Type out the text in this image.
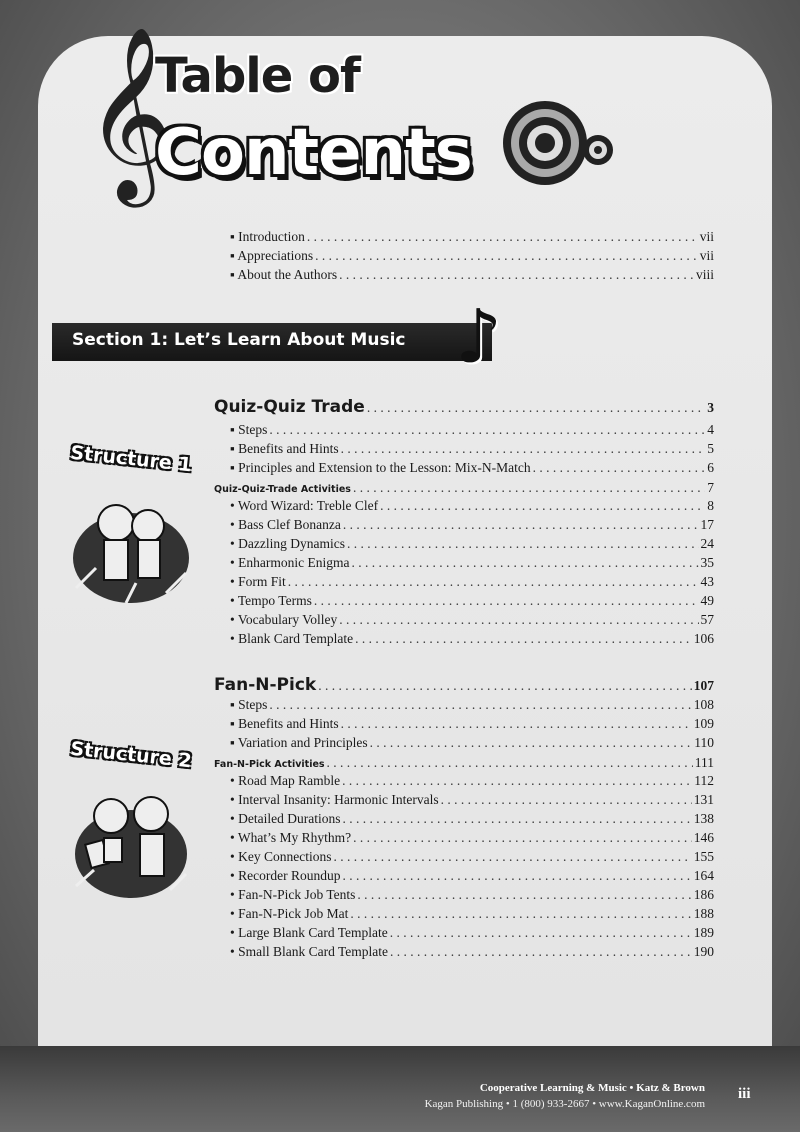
𝄞
Table of
Contents
▪ Introduction . . .	vii
▪ Appreciations . . .	vii
▪ About the Authors . . .	viii
Section 1: Let’s Learn About Music ♪
Structure 1
Quiz-Quiz Trade . . .	3
▪ Steps . . .	4
▪ Benefits and Hints . . .	5
▪ Principles and Extension to the Lesson: Mix-N-Match . . .	6
Quiz-Quiz-Trade Activities . . .	7
• Word Wizard: Treble Clef . . .	8
• Bass Clef Bonanza . . .	17
• Dazzling Dynamics . . .	24
• Enharmonic Enigma . . .	35
• Form Fit . . .	43
• Tempo Terms . . .	49
• Vocabulary Volley . . .	57
• Blank Card Template . . .	106
Structure 2
Fan-N-Pick . . .	107
▪ Steps . . .	108
▪ Benefits and Hints . . .	109
▪ Variation and Principles . . .	110
Fan-N-Pick Activities . . .	111
• Road Map Ramble . . .	112
• Interval Insanity: Harmonic Intervals . . .	131
• Detailed Durations . . .	138
• What’s My Rhythm? . . .	146
• Key Connections . . .	155
• Recorder Roundup . . .	164
• Fan-N-Pick Job Tents . . .	186
• Fan-N-Pick Job Mat . . .	188
• Large Blank Card Template . . .	189
• Small Blank Card Template . . .	190
Cooperative Learning & Music • Katz & Brown
Kagan Publishing • 1 (800) 933-2667 • www.KaganOnline.com
iii
